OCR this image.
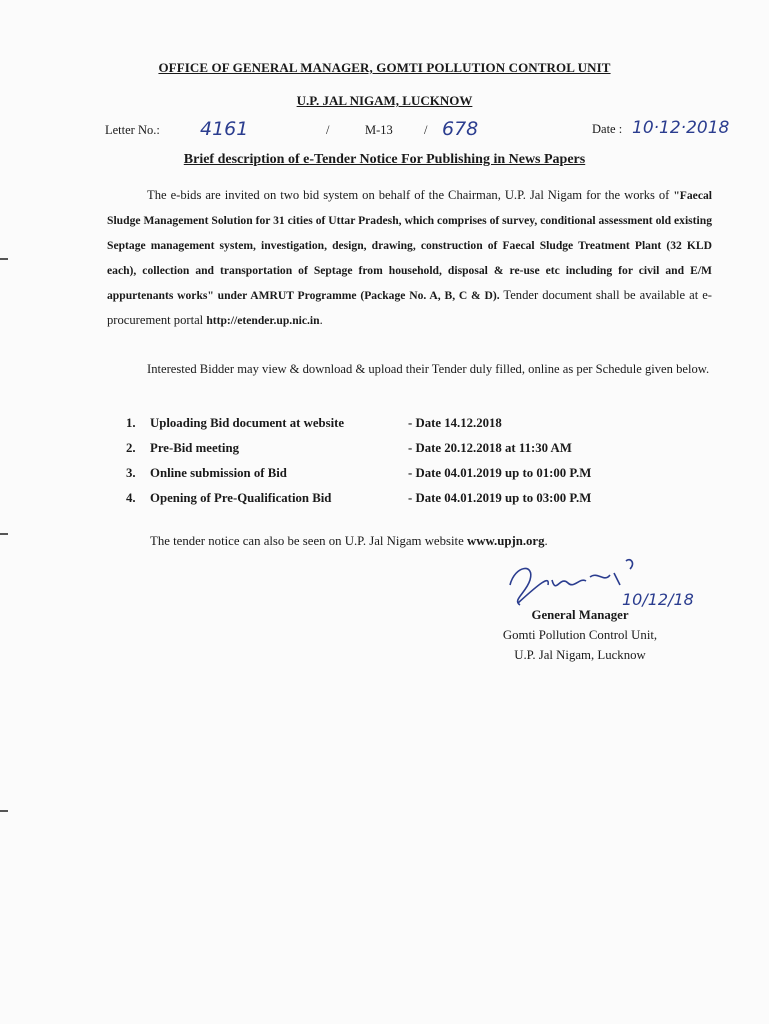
OFFICE OF GENERAL MANAGER, GOMTI POLLUTION CONTROL UNIT
U.P. JAL NIGAM, LUCKNOW
Letter No.: 4161	/	M-13 / 678	Date : 10·12·2018
Brief description of e-Tender Notice For Publishing in News Papers
The e-bids are invited on two bid system on behalf of the Chairman, U.P. Jal Nigam for the works of "Faecal Sludge Management Solution for 31 cities of Uttar Pradesh, which comprises of survey, conditional assessment old existing Septage management system, investigation, design, drawing, construction of Faecal Sludge Treatment Plant (32 KLD each), collection and transportation of Septage from household, disposal & re-use etc including for civil and E/M appurtenants works" under AMRUT Programme (Package No. A, B, C & D). Tender document shall be available at e-procurement portal http://etender.up.nic.in.
Interested Bidder may view & download & upload their Tender duly filled, online as per Schedule given below.
1.	Uploading Bid document at website	- Date 14.12.2018
2.	Pre-Bid meeting	- Date 20.12.2018 at 11:30 AM
3.	Online submission of Bid	- Date 04.01.2019 up to 01:00 P.M
4.	Opening of Pre-Qualification Bid	- Date 04.01.2019 up to 03:00 P.M
The tender notice can also be seen on U.P. Jal Nigam website www.upjn.org.
10/12/18
General Manager
Gomti Pollution Control Unit,
U.P. Jal Nigam, Lucknow
